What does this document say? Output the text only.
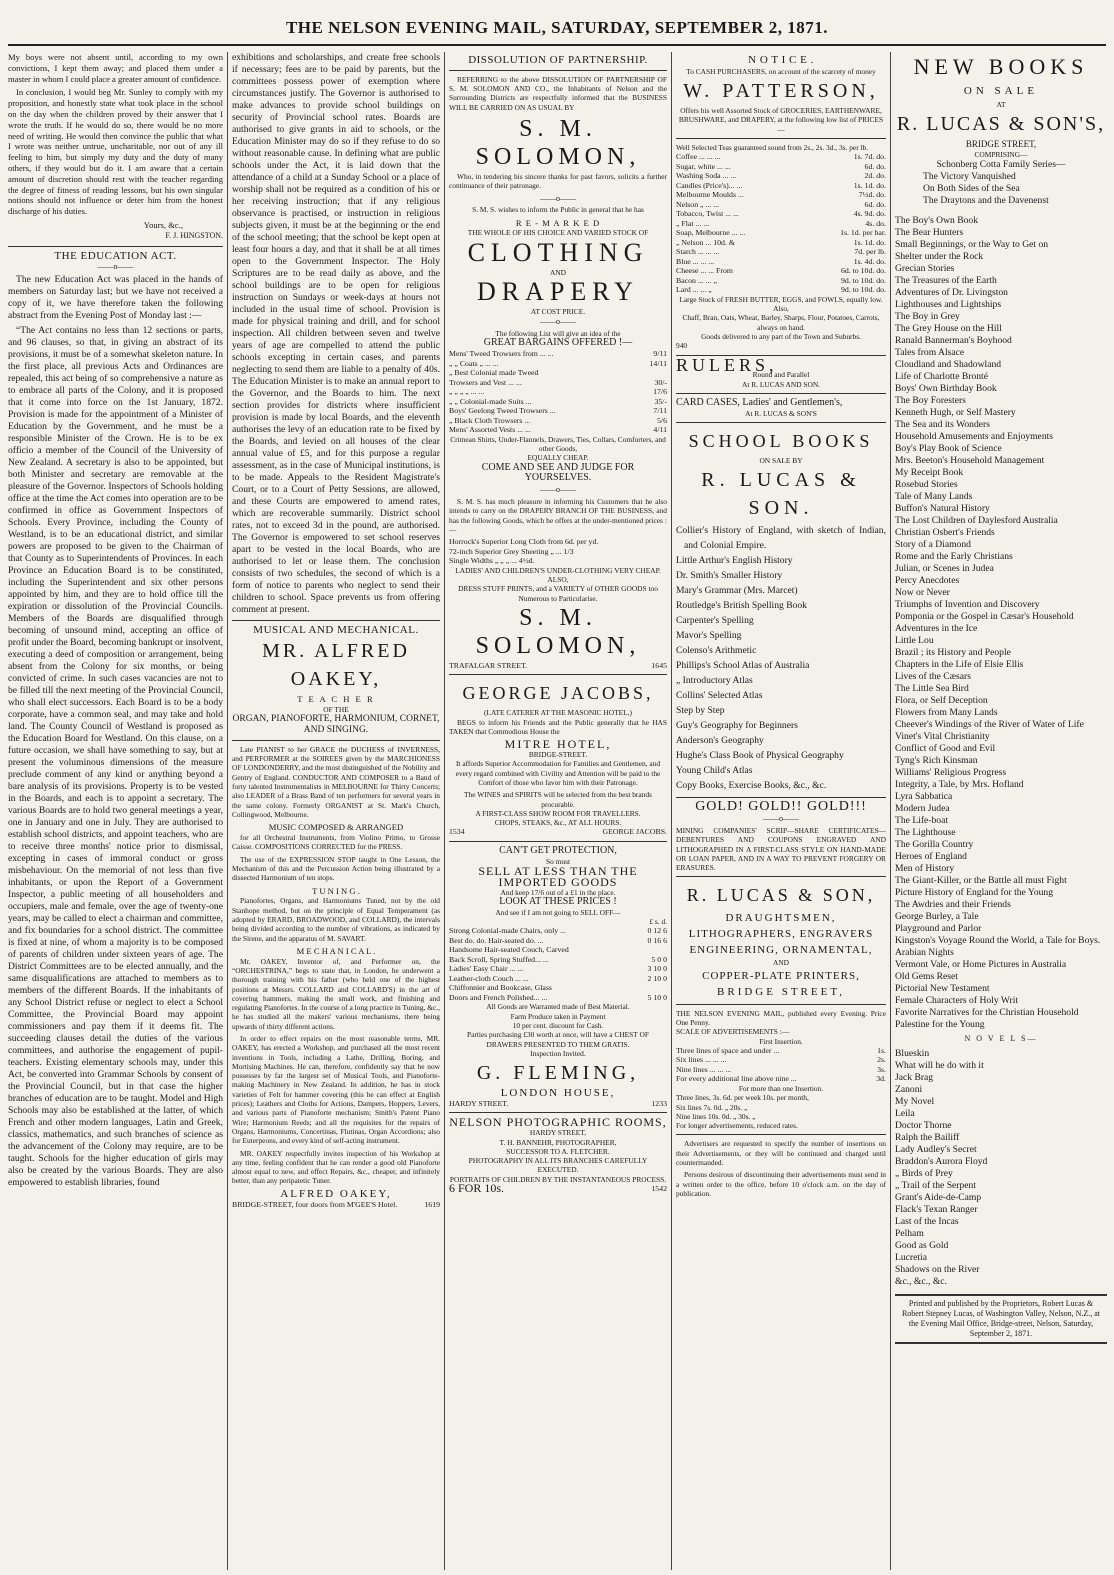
THE NELSON EVENING MAIL, SATURDAY, SEPTEMBER 2, 1871.

My boys were not absent until, according to my own convictions, I kept them away; and placed them under a master in whom I could place a greater amount of confidence.

In conclusion, I would beg Mr. Sunley to comply with my proposition, and honestly state what took place in the school on the day when the children proved by their answer that I wrote the truth. If he would do so, there would be no more need of writing. He would then convince the public that what I wrote was neither untrue, uncharitable, nor out of any ill feeling to him, but simply my duty and the duty of many others, if they would but do it. I am aware that a certain amount of discretion should rest with the teacher regarding the degree of fitness of reading lessons, but his own singular notions should not influence or deter him from the honest discharge of his duties.

Yours, &c.,
F. J. HINGSTON.
THE EDUCATION ACT.
——o——

The new Education Act was placed in the hands of members on Saturday last; but we have not received a copy of it, we have therefore taken the following abstract from the Evening Post of Monday last :—

“The Act contains no less than 12 sections or parts, and 96 clauses, so that, in giving an abstract of its provisions, it must be of a somewhat skeleton nature. In the first place, all previous Acts and Ordinances are repealed, this act being of so comprehensive a nature as to embrace all parts of the Colony, and it is proposed that it come into force on the 1st January, 1872. Provision is made for the appointment of a Minister of Education by the Government, and he must be a responsible Minister of the Crown. He is to be ex officio a member of the Council of the University of New Zealand. A secretary is also to be appointed, but both Minister and secretary are removable at the pleasure of the Governor. Inspectors of Schools holding office at the time the Act comes into operation are to be confirmed in office as Government Inspectors of Schools. Every Province, including the County of Westland, is to be an educational district, and similar powers are proposed to be given to the Chairman of that County as to Superintendents of Provinces. In each Province an Education Board is to be constituted, including the Superintendent and six other persons appointed by him, and they are to hold office till the expiration or dissolution of the Provincial Councils. Members of the Boards are disqualified through becoming of unsound mind, accepting an office of profit under the Board, becoming bankrupt or insolvent, executing a deed of composition or arrangement, being absent from the Colony for six months, or being convicted of crime. In such cases vacancies are not to be filled till the next meeting of the Provincial Council, who shall elect successors. Each Board is to be a body corporate, have a common seal, and may take and hold land. The County Council of Westland is proposed as the Education Board for Westland. On this clause, on a future occasion, we shall have something to say, but at present the voluminous dimensions of the measure preclude comment of any kind or anything beyond a bare analysis of its provisions. Property is to be vested in the Boards, and each is to appoint a secretary. The various Boards are to hold two general meetings a year, one in January and one in July. They are authorised to establish school districts, and appoint teachers, who are to receive three months' notice prior to dismissal, excepting in cases of immoral conduct or gross misbehaviour. On the memorial of not less than five inhabitants, or upon the Report of a Government Inspector, a public meeting of all householders and occupiers, male and female, over the age of twenty-one years, may be called to elect a chairman and committee, and fix boundaries for a school district. The committee is fixed at nine, of whom a majority is to be composed of parents of children under sixteen years of age. The District Committees are to be elected annually, and the same disqualifications are attached to members as to members of the different Boards. If the inhabitants of any School District refuse or neglect to elect a School Committee, the Provincial Board may appoint commissioners and pay them if it deems fit. The succeeding clauses detail the duties of the various committees, and authorise the engagement of pupil-teachers. Existing elementary schools may, under this Act, be converted into Grammar Schools by consent of the Provincial Council, but in that case the higher branches of education are to be taught. Model and High Schools may also be established at the latter, of which French and other modern languages, Latin and Greek, classics, mathematics, and such branches of science as the advancement of the Colony may require, are to be taught. Schools for the higher education of girls may also be created by the various Boards. They are also empowered to establish libraries, found

exhibitions and scholarships, and create free schools if necessary; fees are to be paid by parents, but the committees possess power of exemption where circumstances justify. The Governor is authorised to make advances to provide school buildings on security of Provincial school rates. Boards are authorised to give grants in aid to schools, or the Education Minister may do so if they refuse to do so without reasonable cause. In defining what are public schools under the Act, it is laid down that the attendance of a child at a Sunday School or a place of worship shall not be required as a condition of his or her receiving instruction; that if any religious observance is practised, or instruction in religious subjects given, it must be at the beginning or the end of the school meeting; that the school be kept open at least four hours a day, and that it shall be at all times open to the Government Inspector. The Holy Scriptures are to be read daily as above, and the school buildings are to be open for religious instruction on Sundays or week-days at hours not included in the usual time of school. Provision is made for physical training and drill, and for school inspection. All children between seven and twelve years of age are compelled to attend the public schools excepting in certain cases, and parents neglecting to send them are liable to a penalty of 40s. The Education Minister is to make an annual report to the Governor, and the Boards to him. The next section provides for districts where insufficient provision is made by local Boards, and the eleventh authorises the levy of an education rate to be fixed by the Boards, and levied on all houses of the clear annual value of £5, and for this purpose a regular assessment, as in the case of Municipal institutions, is to be made. Appeals to the Resident Magistrate's Court, or to a Court of Petty Sessions, are allowed, and these Courts are empowered to amend rates, which are recoverable summarily. District school rates, not to exceed 3d in the pound, are authorised. The Governor is empowered to set school reserves apart to be vested in the local Boards, who are authorised to let or lease them. The conclusion consists of two schedules, the second of which is a form of notice to parents who neglect to send their children to school. Space prevents us from offering comment at present.

MUSICAL AND MECHANICAL.
MR. ALFRED OAKEY,
T E A C H E R
OF THE
ORGAN, PIANOFORTE, HARMONIUM, CORNET, AND SINGING.

Late PIANIST to her GRACE the DUCHESS of INVERNESS, and PERFORMER at the SOIREES given by the MARCHIONESS OF LONDONDERRY, and the most distinguished of the Nobility and Gentry of England. CONDUCTOR AND COMPOSER to a Band of forty talented Instrumentalists in MELBOURNE for Thirty Concerts; also LEADER of a Brass Band of ten performers for several years in the same colony. Formerly ORGANIST at St. Mark's Church, Collingwood, Melbourne.

MUSIC COMPOSED & ARRANGED

for all Orchestral Instruments, from Violino Primo, to Grosse Caisse. COMPOSITIONS CORRECTED for the PRESS.

The use of the EXPRESSION STOP taught in One Lesson, the Mechanism of this and the Percussion Action being illustrated by a dissected Harmonium of ten stops.

T U N I N G .

Pianofortes, Organs, and Harmoniums Tuned, not by the old Stanhope method, but on the principle of Equal Temperament (as adopted by ERARD, BROADWOOD, and COLLARD), the intervals being divided according to the number of vibrations, as indicated by the Sirene, and the apparatus of M. SAVART.

M E C H A N I C A L .

Mr. OAKEY, Inventor of, and Performer on, the “ORCHESTRINA,” begs to state that, in London, he underwent a thorough training with his father (who held one of the highest positions at Messrs. COLLARD and COLLARD'S) in the art of covering hammers, making the small work, and finishing and regulating Pianofortes. In the course of a long practice in Tuning, &c., he has studied all the makers' various mechanisms, there being upwards of thirty different actions.

In order to effect repairs on the most reasonable terms, MR. OAKEY, has erected a Workshop, and purchased all the most recent inventions in Tools, including a Lathe, Drilling, Boring, and Mortising Machines. He can, therefore, confidently say that he now possesses by far the largest set of Musical Tools, and Pianoforte-making Machinery in New Zealand. In addition, he has in stock varieties of Felt for hammer covering (this he can effect at English prices); Leathers and Cloths for Actions, Dampers, Hoppers, Levers, and various parts of Pianoforte mechanism; Smith's Patent Piano Wire; Harmonium Reeds; and all the requisites for the repairs of Organs, Harmoniums, Concertinas, Flutinas, Organ Accordions; also for Euterpeons, and every kind of self-acting instrument.

MR. OAKEY respectfully invites inspection of his Workshop at any time, feeling confident that he can render a good old Pianoforte almost equal to new, and effect Repairs, &c., cheaper, and infinitely better, than any peripatetic Tuner.

ALFRED OAKEY,
BRIDGE-STREET, four doors from M'GEE'S Hotel.	1619
DISSOLUTION OF PARTNERSHIP.

REFERRING to the above DISSOLUTION OF PARTNERSHIP OF S. M. SOLOMON AND CO., the Inhabitants of Nelson and the Surrounding Districts are respectfully informed that the BUSINESS WILL BE CARRIED ON AS USUAL BY

S. M. SOLOMON,

Who, in tendering his sincere thanks for past favors, solicits a further continuance of their patronage.

——o——

S. M. S. wishes to inform the Public in general that he has

R E - M A R K E D
THE WHOLE OF HIS CHOICE AND VARIED STOCK OF
CLOTHING
AND
DRAPERY
AT COST PRICE.
——o——
The following List will give an idea of the
GREAT BARGAINS OFFERED !—
Mens' Tweed Trowsers from ... ...	9/11
„ „ Coats „ ... ...	14/11
„ Best Colonial made Tweed
Trowsers and Vest ... ...	30/-
„ „ „ „ ... ...	17/6
„ „ Colonial-made Suits ...	35/-
Boys' Geelong Tweed Trowsers ...	7/11
„ Black Cloth Trowsers ...	5/6
Mens' Assorted Vests ... ...	4/11
Crimean Shirts, Under-Flannels, Drawers, Ties, Collars, Comforters, and other Goods,
EQUALLY CHEAP.
COME AND SEE AND JUDGE FOR YOURSELVES.
——o——

S. M. S. has much pleasure in informing his Customers that he also intends to carry on the DRAPERY BRANCH OF THE BUSINESS, and has the following Goods, which he offers at the under-mentioned prices :—

Horrock's Superior Long Cloth from 6d. per yd.
72-inch Superior Grey Sheeting „ ... 1/3
Single Widths „ „ „ ... 4½d.
LADIES' AND CHILDREN'S UNDER-CLOTHING VERY CHEAP.
ALSO,
DRESS STUFF PRINTS, and a VARIETY of OTHER GOODS too Numerous to Particularise.
S. M. SOLOMON,
TRAFALGAR STREET.	1645
GEORGE JACOBS,
(LATE CATERER AT THE MASONIC HOTEL,)

BEGS to inform his Friends and the Public generally that he HAS TAKEN that Commodious House the

MITRE HOTEL,
BRIDGE-STREET.

It affords Superior Accommodation for Families and Gentlemen, and every regard combined with Civility and Attention will be paid to the Comfort of those who favor him with their Patronage.

The WINES and SPIRITS will be selected from the best brands procurable.
A FIRST-CLASS SHOW ROOM FOR TRAVELLERS.
CHOPS, STEAKS, &c., AT ALL HOURS.
1534	GEORGE JACOBS.
CAN'T GET PROTECTION,
So must
SELL AT LESS THAN THE IMPORTED GOODS
And keep 17/6 out of a £1 in the place.
LOOK AT THESE PRICES !
And see if I am not going to SELL OFF—
£ s. d.
Strong Colonial-made Chairs, only ...	0 12 6
Best do. do. Hair-seated do. ...	0 16 6
Handsome Hair-seated Couch, Carved
Back Scroll, Spring Stuffed... ...	5 0 0
Ladies' Easy Chair ... ...	3 10 0
Leather-cloth Couch ... ...	2 10 0
Chiffonnier and Bookcase, Glass
Doors and French Polished... ...	5 10 0
All Goods are Warranted made of Best Material.
Farm Produce taken in Payment
10 per cent. discount for Cash.
Parties purchasing £30 worth at once, will have a CHEST OF DRAWERS PRESENTED TO THEM GRATIS.
Inspection Invited.
G. FLEMING,
LONDON HOUSE,
HARDY STREET.	1233
NELSON PHOTOGRAPHIC ROOMS,
HARDY STREET,
T. H. BANNEHR, PHOTOGRAPHER,
SUCCESSOR TO A. FLETCHER.
PHOTOGRAPHY IN ALL ITS BRANCHES CAREFULLY EXECUTED.
PORTRAITS OF CHILDREN BY THE INSTANTANEOUS PROCESS.
6 FOR 10s.	1542
N O T I C E .
To CASH PURCHASERS, on account of the scarcety of money
W. PATTERSON,
Offers his well Assorted Stock of GROCERIES, EARTHENWARE, BRUSHWARE, and DRAPERY, at the following low list of PRICES—
Well Selected Teas guaranteed sound from 2s., 2s. 3d., 3s. per lb.
Coffee ... ... ...	1s. 7d. do.
Sugar, white ... ...	6d. do.
Washing Soda ... ...	2d. do.
Candles (Price's)... ...	1s. 1d. do.
Melbourne Moulds ...	7½d. do.
Nelson „ ... ...	6d. do.
Tobacco, Twist ... ...	4s. 9d. do.
„ Flat ... ...	4s. do.
Soap, Melbourne ... ...	1s. 1d. per bar.
„ Nelson ... 10d. &	1s. 1d. do.
Starch ... ... ...	7d. per lb.
Blue ... ... ...	1s. 4d. do.
Cheese ... ... From	6d. to 10d. do.
Bacon ... ... „	9d. to 10d. do.
Lard ... ... „	9d. to 10d. do.
Large Stock of FRESH BUTTER, EGGS, and FOWLS, equally low.
Also,
Chaff, Bran, Oats, Wheat, Barley, Sharps, Flour, Potatoes, Carrots, always on hand.
Goods delivered to any part of the Town and Suburbs.
940
RULERS,
Round and Parallel
At R. LUCAS AND SON.
CARD CASES, Ladies' and Gentlemen's,
At R. LUCAS & SON'S
SCHOOL BOOKS
ON SALE BY
R. LUCAS & SON.
Collier's History of England, with sketch of Indian, and Colonial Empire.
Little Arthur's English History
Dr. Smith's Smaller History
Mary's Grammar (Mrs. Marcet)
Routledge's British Spelling Book
Carpenter's Spelling
Mavor's Spelling
Colenso's Arithmetic
Phillips's School Atlas of Australia
„ Introductory Atlas
Collins' Selected Atlas
Step by Step
Guy's Geography for Beginners
Anderson's Geography
Hughe's Class Book of Physical Geography
Young Child's Atlas
Copy Books, Exercise Books, &c., &c.
GOLD! GOLD!! GOLD!!!
——o——

MINING COMPANIES' SCRIP—SHARE CERTIFICATES—DEBENTURES AND COUPONS ENGRAVED AND LITHOGRAPHED IN A FIRST-CLASS STYLE ON HAND-MADE OR LOAN PAPER, AND IN A WAY TO PREVENT FORGERY OR ERASURES.

R. LUCAS & SON,
DRAUGHTSMEN,
LITHOGRAPHERS, ENGRAVERS
ENGINEERING, ORNAMENTAL,
AND
COPPER-PLATE PRINTERS,
BRIDGE STREET,
THE NELSON EVENING MAIL, published every Evening. Price One Penny.
SCALE OF ADVERTISEMENTS :—
First Insertion.
Three lines of space and under ...	1s.
Six lines ... ... ...	2s.
Nine lines ... ... ...	3s.
For every additional line above nine ...	3d.
For more than one Insertion.
Three lines, 3s. 6d. per week 10s. per month,
Six lines 7s. 0d. „ 20s. „
Nine lines 10s. 0d. „ 30s. „
For longer advertisements, reduced rates.

Advertisers are requested to specify the number of insertions on their Advertisements, or they will be continued and charged until countermanded.

Persons desirous of discontinuing their advertisements must send in a written order to the office, before 10 o'clock a.m. on the day of publication.

NEW BOOKS
ON SALE
AT
R. LUCAS & SON'S,
BRIDGE STREET,
COMPRISING—
Schonberg Cotta Family Series—
The Victory Vanquished
On Both Sides of the Sea
The Draytons and the Davenenst
The Boy's Own Book
The Bear Hunters
Small Beginnings, or the Way to Get on
Shelter under the Rock
Grecian Stories
The Treasures of the Earth
Adventures of Dr. Livingston
Lighthouses and Lightships
The Boy in Grey
The Grey House on the Hill
Ranald Bannerman's Boyhood
Tales from Alsace
Cloudland and Shadowland
Life of Charlotte Bronté
Boys' Own Birthday Book
The Boy Foresters
Kenneth Hugh, or Self Mastery
The Sea and its Wonders
Household Amusements and Enjoyments
Boy's Play Book of Science
Mrs. Beeton's Household Management
My Receipt Book
Rosebud Stories
Tale of Many Lands
Buffon's Natural History
The Lost Children of Daylesford Australia
Christian Osbert's Friends
Story of a Diamond
Rome and the Early Christians
Julian, or Scenes in Judea
Percy Anecdotes
Now or Never
Triumphs of Invention and Discovery
Pomponia or the Gospel in Cæsar's Household
Adventures in the Ice
Little Lou
Brazil ; its History and People
Chapters in the Life of Elsie Ellis
Lives of the Cæsars
The Little Sea Bird
Flora, or Self Deception
Flowers from Many Lands
Cheever's Windings of the River of Water of Life
Vinet's Vital Christianity
Conflict of Good and Evil
Tyng's Rich Kinsman
Williams' Religious Progress
Integrity, a Tale, by Mrs. Hofland
Lyra Sabbatica
Modern Judea
The Life-boat
The Lighthouse
The Gorilla Country
Heroes of England
Men of History
The Giant-Killer, or the Battle all must Fight
Picture History of England for the Young
The Awdries and their Friends
George Burley, a Tale
Playground and Parlor
Kingston's Voyage Round the World, a Tale for Boys.
Arabian Nights
Vermont Vale, or Home Pictures in Australia
Old Gems Reset
Pictorial New Testament
Female Characters of Holy Writ
Favorite Narratives for the Christian Household
Palestine for the Young
N O V E L S—
Blueskin
What will he do with it
Jack Brag
Zanoni
My Novel
Leila
Doctor Thorne
Ralph the Bailiff
Lady Audley's Secret
Braddon's Aurora Floyd
„ Birds of Prey
„ Trail of the Serpent
Grant's Aide-de-Camp
Flack's Texan Ranger
Last of the Incas
Pelham
Good as Gold
Lucretia
Shadows on the River
&c., &c., &c.
Printed and published by the Proprietors, Robert Lucas & Robert Stepney Lucas, of Washington Valley, Nelson, N.Z., at the Evening Mail Office, Bridge-street, Nelson, Saturday, September 2, 1871.
